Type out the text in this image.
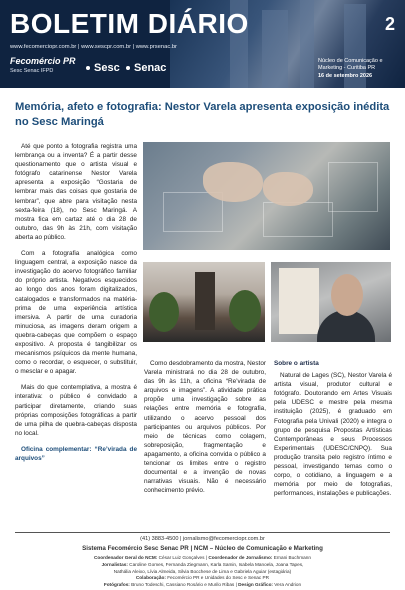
BOLETIM DIÁRIO
www.fecomerciopr.com.br | www.sescpr.com.br | www.prsenac.br
2
Fecomércio PR
Sesc Senac IFPD	Sesc Senac
Núcleo de Comunicação e
Marketing - Curitiba PR
16 de setembro 2026
Memória, afeto e fotografia: Nestor Varela apresenta exposição inédita no Sesc Maringá

Até que ponto a fotografia registra uma lembrança ou a inventa? É a partir desse questionamento que o artista visual e fotógrafo catarinense Nestor Varela apresenta a exposição “Gostaria de lembrar mais das coisas que gostaria de lembrar”, que abre para visitação nesta sexta-feira (18), no Sesc Maringá. A mostra fica em cartaz até o dia 28 de outubro, das 9h às 21h, com visitação aberta ao público.

Com a fotografia analógica como linguagem central, a exposição nasce da investigação do acervo fotográfico familiar do próprio artista. Negativos esquecidos ao longo dos anos foram digitalizados, catalogados e transformados na matéria-prima de uma experiência artística imersiva. A partir de uma curadoria minuciosa, as imagens deram origem a quebra-cabeças que compõem o espaço expositivo. A proposta é tangibilizar os mecanismos psíquicos da mente humana, como o recordar, o esquecer, o substituir, o mesclar e o apagar.

Mais do que contemplativa, a mostra é interativa: o público é convidado a participar diretamente, criando suas próprias composições fotográficas a partir de uma pilha de quebra-cabeças disposta no local.

Oficina complementar: “Re’virada de arquivos”

Como desdobramento da mostra, Nestor Varela ministrará no dia 28 de outubro, das 9h às 11h, a oficina “Re’virada de arquivos e imagens”. A atividade prática propõe uma investigação sobre as relações entre memória e fotografia, utilizando o acervo pessoal dos participantes ou arquivos públicos. Por meio de técnicas como colagem, sobreposição, fragmentação e apagamento, a oficina convida o público a tencionar os limites entre o registro documental e a invenção de novas narrativas visuais. Não é necessário conhecimento prévio.

Sobre o artista

Natural de Lages (SC), Nestor Varela é artista visual, produtor cultural e fotógrafo. Doutorando em Artes Visuais pela UDESC e mestre pela mesma instituição (2025), é graduado em Fotografia pela Univali (2020) e integra o grupo de pesquisa Propostas Artísticas Contemporâneas e seus Processos Experimentais (UDESC/CNPQ). Sua produção transita pelo registro íntimo e pessoal, investigando temas como o corpo, o cotidiano, a linguagem e a memória por meio de fotografias, performances, instalações e publicações.

(41) 3883-4500 | jornalismo@fecomerciopr.com.br
Sistema Fecomércio Sesc Senac PR | NCM – Núcleo de Comunicação e Marketing
Coordenador Geral do NCM: César Luiz Gonçalves | Coordenador de Jornalismo: Ernani Buchmann
Jornalistas: Caroline Gomes, Fernanda Ziegmann, Karla Samin, Isabela Manoela, Joana Tapes,
Nathália Aleixo, Lívia Almeida, Silvia Bocchese de Lima e Gabriela Aguiar (estagiária)
Colaboração: Fecomércio PR e Unidades do Sesc e Senac PR
Fotógrafos: Bruno Todeschi, Cassiano Rosário e Murilo Ribas | Design Gráfico: Vera Andrion
